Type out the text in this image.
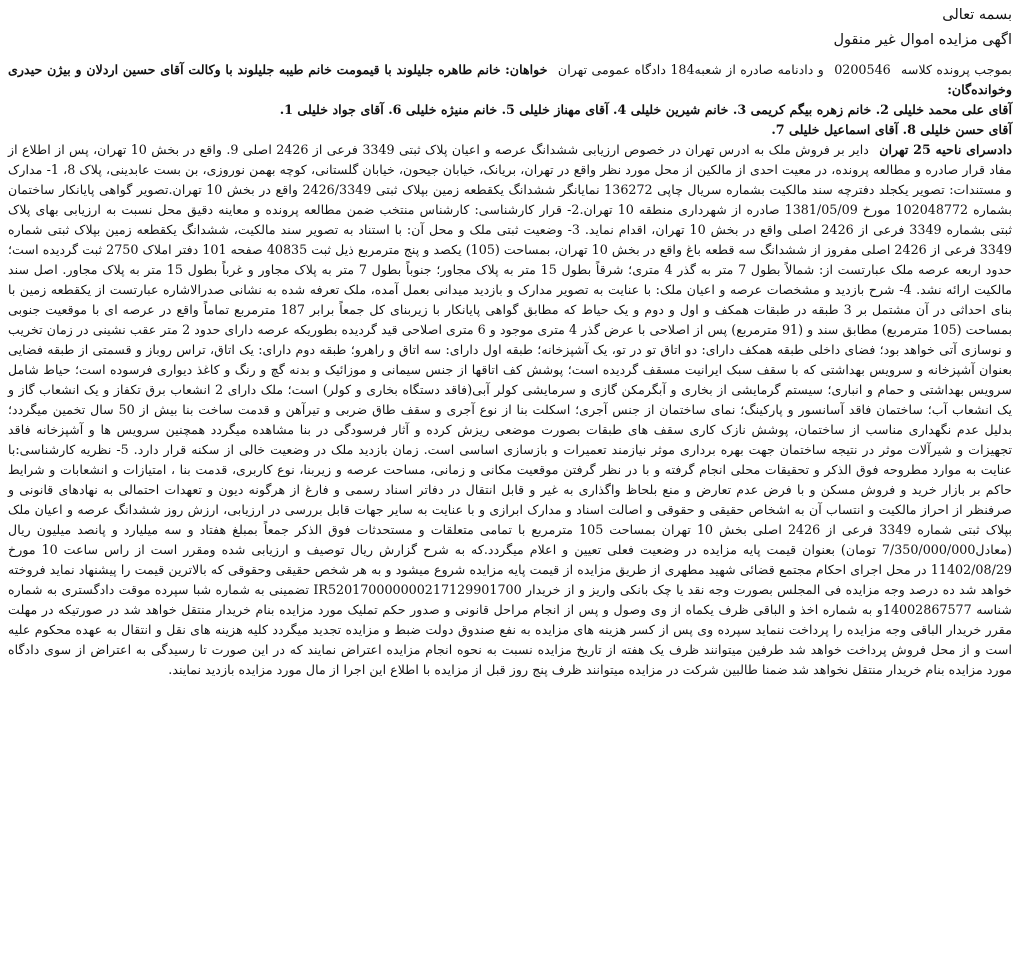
بسمه تعالی
اگهی مزایده اموال غیر منقول

بموجب پرونده کلاسه 0200546 و دادنامه صادره از شعبه184 دادگاه عمومی تهران خواهان: خانم طاهره جلیلوند با قیمومت خانم طیبه جلیلوند با وکالت آقای حسین اردلان و بیژن حیدری وخوانده‌گان:
آقای علی محمد خلیلی 2. خانم زهره بیگم کریمی 3. خانم شیرین خلیلی 4. آقای مهناز خلیلی 5. خانم منیژه خلیلی 6. آقای جواد خلیلی 1.
آقای حسن خلیلی 8. آقای اسماعیل خلیلی 7.
دادسرای ناحیه 25 تهران دایر بر فروش ملک به ادرس تهران در خصوص ارزیابی ششدانگ عرصه و اعیان پلاک ثبتی 3349 فرعی از 2426 اصلی 9. واقع در بخش 10 تهران، پس از اطلاع از مفاد قرار صادره و مطالعه پرونده، در معیت احدی از مالکین از محل مورد نظر واقع در تهران، بریانک، خیابان جیحون، خیابان گلستانی، کوچه بهمن نوروزی، بن بست عابدینی، پلاک 8، 1- مدارک و مستندات: تصویر یکجلد دفترچه سند مالکیت بشماره سریال چاپی 136272 نمایانگر ششدانگ یکقطعه زمین بپلاک ثبتی 2426/3349 واقع در بخش 10 تهران.تصویر گواهی پایانکار ساختمان بشماره 102048772 مورخ 1381/05/09 صادره از شهرداری منطقه 10 تهران.2- قرار کارشناسی: کارشناس منتخب ضمن مطالعه پرونده و معاینه دقیق محل نسبت به ارزیابی بهای پلاک ثبتی بشماره 3349 فرعی از 2426 اصلی واقع در بخش 10 تهران، اقدام نماید. 3- وضعیت ثبتی ملک و محل آن: با استناد به تصویر سند مالکیت، ششدانگ یکقطعه زمین بپلاک ثبتی شماره 3349 فرعی از 2426 اصلی مفروز از ششدانگ سه قطعه باغ واقع در بخش 10 تهران، بمساحت (105) یکصد و پنج مترمربع ذیل ثبت 40835 صفحه 101 دفتر املاک 2750 ثبت گردیده است؛ حدود اربعه عرصه ملک عبارتست از: شمالاً بطول 7 متر به گذر 4 متری؛ شرقاً بطول 15 متر به پلاک مجاور؛ جنوباً بطول 7 متر به پلاک مجاور و غرباً بطول 15 متر به پلاک مجاور. اصل سند مالکیت ارائه نشد. 4- شرح بازدید و مشخصات عرصه و اعیان ملک: با عنایت به تصویر مدارک و بازدید میدانی بعمل آمده، ملک تعرفه شده به نشانی صدرالاشاره عبارتست از یکقطعه زمین با بنای احداثی در آن مشتمل بر 3 طبقه در طبقات همکف و اول و دوم و یک حیاط که مطابق گواهی پایانکار با زیربنای کل جمعاً برابر 187 مترمربع تماماً واقع در عرصه ای با موقعیت جنوبی بمساحت (105 مترمربع) مطابق سند و (91 مترمربع) پس از اصلاحی با عرض گذر 4 متری موجود و 6 متری اصلاحی قید گردیده بطوریکه عرصه دارای حدود 2 متر عقب نشینی در زمان تخریب و نوسازی آتی خواهد بود؛ فضای داخلی طبقه همکف دارای: دو اتاق تو در تو، یک آشپزخانه؛ طبقه اول دارای: سه اتاق و راهرو؛ طبقه دوم دارای: یک اتاق، تراس روباز و قسمتی از طبقه فضایی بعنوان آشپزخانه و سرویس بهداشتی که با سقف سبک ایرانیت مسقف گردیده است؛ پوشش کف اتاقها از جنس سیمانی و موزائیک و بدنه گچ و رنگ و کاغذ دیواری فرسوده است؛ حیاط شامل سرویس بهداشتی و حمام و انباری؛ سیستم گرمایشی از بخاری و آبگرمکن گازی و سرمایشی کولر آبی(فاقد دستگاه بخاری و کولر) است؛ ملک دارای 2 انشعاب برق تکفاز و یک انشعاب گاز و یک انشعاب آب؛ ساختمان فاقد آسانسور و پارکینگ؛ نمای ساختمان از جنس آجری؛ اسکلت بنا از نوع آجری و سقف طاق ضربی و تیرآهن و قدمت ساخت بنا بیش از 50 سال تخمین میگردد؛ بدلیل عدم نگهداری مناسب از ساختمان، پوشش نازک کاری سقف های طبقات بصورت موضعی ریزش کرده و آثار فرسودگی در بنا مشاهده میگردد همچنین سرویس ها و آشپزخانه فاقد تجهیزات و شیرآلات موثر در نتیجه ساختمان جهت بهره برداری موثر نیازمند تعمیرات و بازسازی اساسی است. زمان بازدید ملک در وضعیت خالی از سکنه قرار دارد. 5- نظریه کارشناسی:با عنایت به موارد مطروحه فوق الذکر و تحقیقات محلی انجام گرفته و با در نظر گرفتن موقعیت مکانی و زمانی، مساحت عرصه و زیربنا، نوع کاربری، قدمت بنا ، امتیازات و انشعابات و شرایط حاکم بر بازار خرید و فروش مسکن و با فرض عدم تعارض و منع بلحاظ واگذاری به غیر و قابل انتقال در دفاتر اسناد رسمی و فارغ از هرگونه دیون و تعهدات احتمالی به نهادهای قانونی و صرفنظر از احراز مالکیت و انتساب آن به اشخاص حقیقی و حقوقی و اصالت اسناد و مدارک ابرازی و با عنایت به سایر جهات قابل بررسی در ارزیابی، ارزش روز ششدانگ عرصه و اعیان ملک بپلاک ثبتی شماره 3349 فرعی از 2426 اصلی بخش 10 تهران بمساحت 105 مترمربع با تمامی متعلقات و مستحدثات فوق الذکر جمعاً بمبلغ هفتاد و سه میلیارد و پانصد میلیون ریال (معادل7/350/000/000 تومان) بعنوان قیمت پایه مزایده در وضعیت فعلی تعیین و اعلام میگردد.که به شرح گزارش ریال توصیف و ارزیابی شده ومقرر است از راس ساعت 10 مورخ 11402/08/29 در محل اجرای احکام مجتمع قضائی شهید مطهری از طریق مزایده از قیمت پایه مزایده شروع میشود و به هر شخص حقیقی وحقوقی که بالاترین قیمت را پیشنهاد نماید فروخته خواهد شد ده درصد وجه مزایده فی المجلس بصورت وجه نقد یا چک بانکی واریز و از خریدار IR520170000000217129901700 تضمینی به شماره شبا سپرده موقت دادگستری به شماره شناسه 14002867577و به شماره اخذ و الباقی ظرف یکماه از وی وصول و پس از انجام مراحل قانونی و صدور حکم تملیک مورد مزایده بنام خریدار منتقل خواهد شد در صورتیکه در مهلت مقرر خریدار الباقی وجه مزایده را پرداخت ننماید سپرده وی پس از کسر هزینه های مزایده به نفع صندوق دولت ضبط و مزایده تجدید میگردد کلیه هزینه های نقل و انتقال به عهده محکوم علیه است و از محل فروش پرداخت خواهد شد طرفین میتوانند ظرف یک هفته از تاریخ مزایده نسبت به نحوه انجام مزایده اعتراض نمایند که در این صورت تا رسیدگی به اعتراض از سوی دادگاه مورد مزایده بنام خریدار منتقل نخواهد شد ضمنا طالبین شرکت در مزایده میتوانند ظرف پنج روز قبل از مزایده با اطلاع این اجرا از مال مورد مزایده بازدید نمایند.
